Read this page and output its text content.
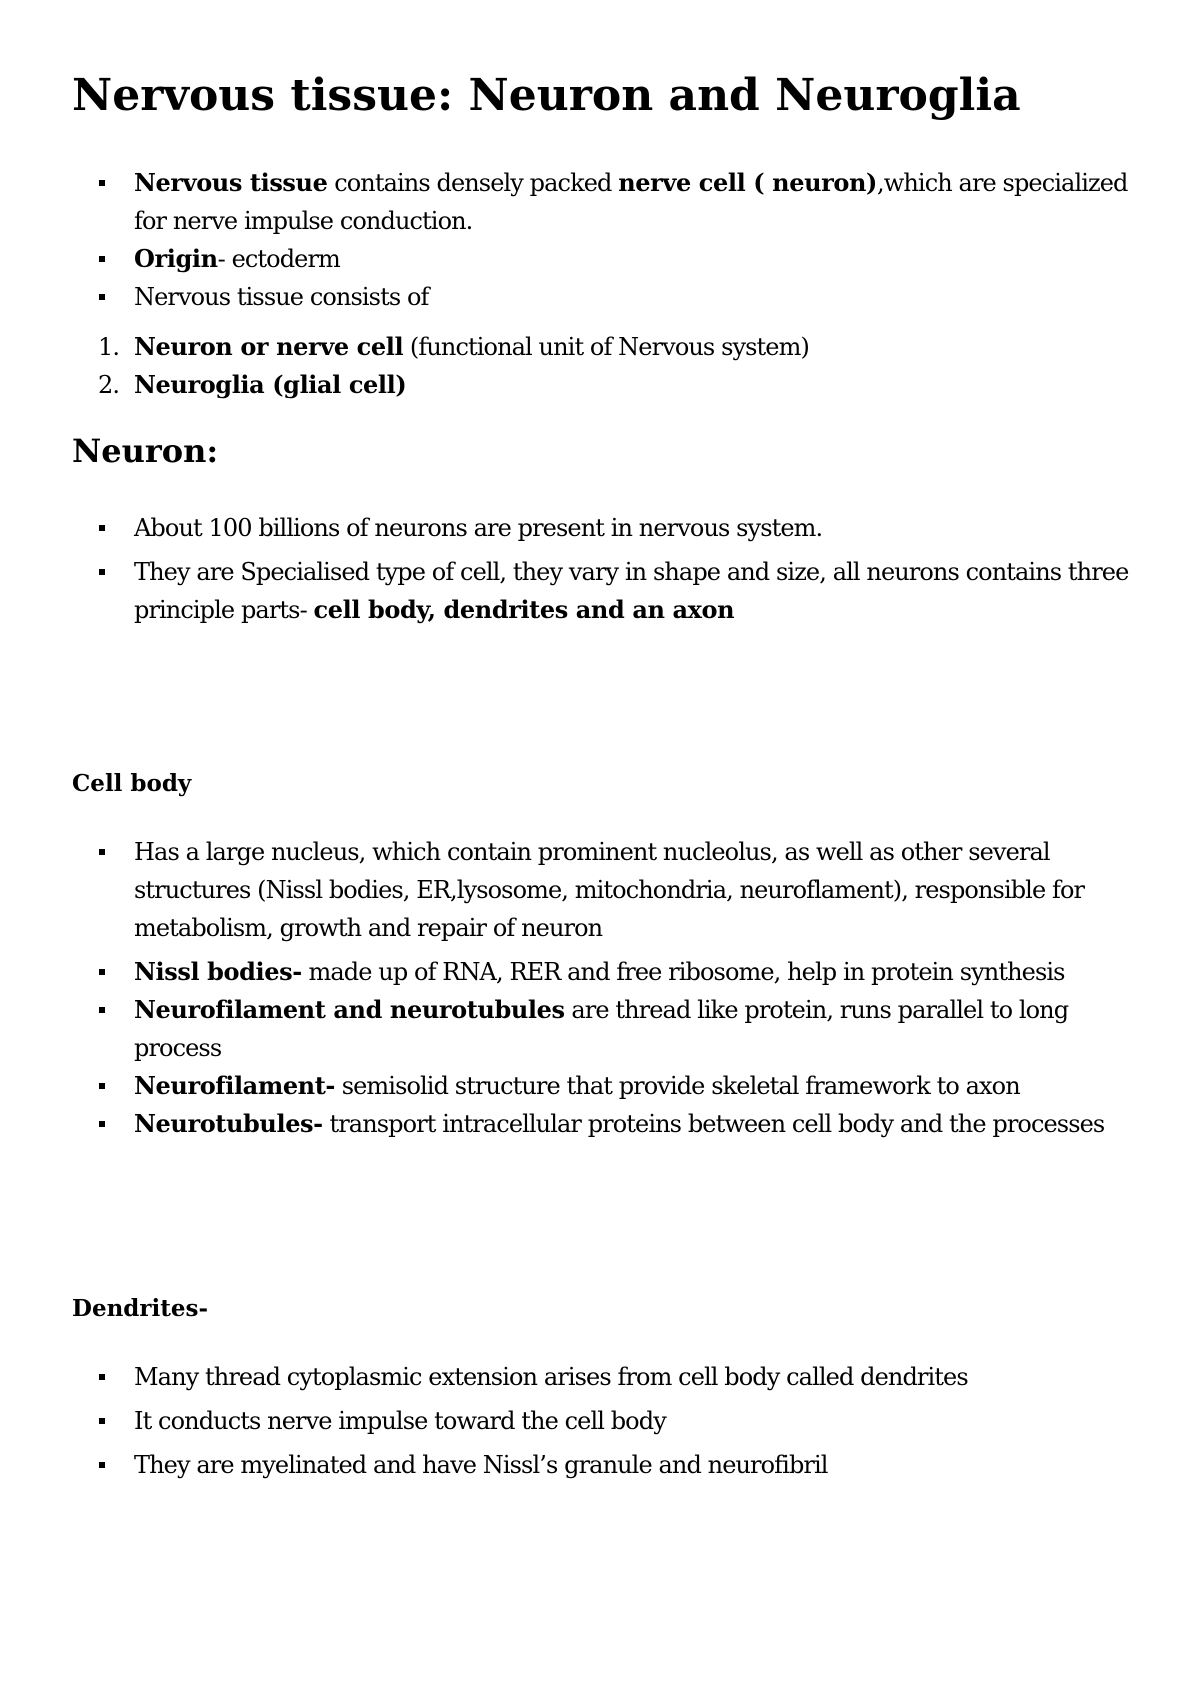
Nervous tissue: Neuron and Neuroglia
Nervous tissue contains densely packed nerve cell ( neuron),which are specialized for nerve impulse conduction.
Origin- ectoderm
Nervous tissue consists of
1. Neuron or nerve cell (functional unit of Nervous system)
2. Neuroglia (glial cell)
Neuron:
About 100 billions of neurons are present in nervous system.
They are Specialised type of cell, they vary in shape and size, all neurons contains three principle parts- cell body, dendrites and an axon
Cell body
Has a large nucleus, which contain prominent nucleolus, as well as other several structures (Nissl bodies, ER,lysosome, mitochondria, neuroflament), responsible for metabolism, growth and repair of neuron
Nissl bodies- made up of RNA, RER and free ribosome, help in protein synthesis
Neurofilament and neurotubules are thread like protein, runs parallel to long process
Neurofilament- semisolid structure that provide skeletal framework to axon
Neurotubules- transport intracellular proteins between cell body and the processes
Dendrites-
Many thread cytoplasmic extension arises from cell body called dendrites
It conducts nerve impulse toward the cell body
They are myelinated and have Nissl’s granule and neurofibril
